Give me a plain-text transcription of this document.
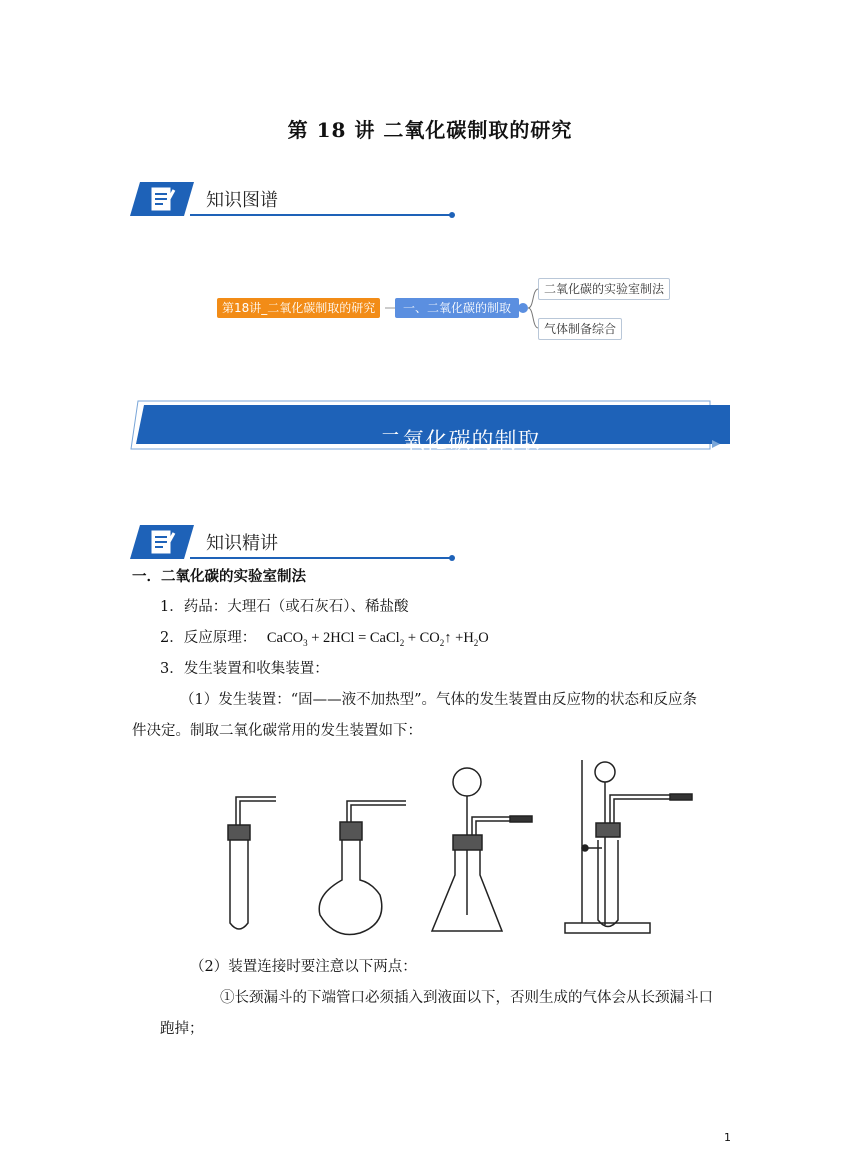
第 18 讲 二氧化碳制取的研究
知识图谱
第18讲_二氧化碳制取的研究	一、二氧化碳的制取
二氧化碳的实验室制法
气体制备综合
二氧化碳的制取
知识精讲
一．二氧化碳的实验室制法
1．药品：大理石（或石灰石）、稀盐酸
2．反应原理： CaCO$_3$ + 2HCl = CaCl$_2$ + $CO_2↑ +H_2O$
3．发生装置和收集装置：
（1）发生装置：“固——液不加热型”。气体的发生装置由反应物的状态和反应条
件决定。制取二氧化碳常用的发生装置如下：
（2）装置连接时要注意以下两点：
①长颈漏斗的下端管口必须插入到液面以下，否则生成的气体会从长颈漏斗口
跑掉；
1
